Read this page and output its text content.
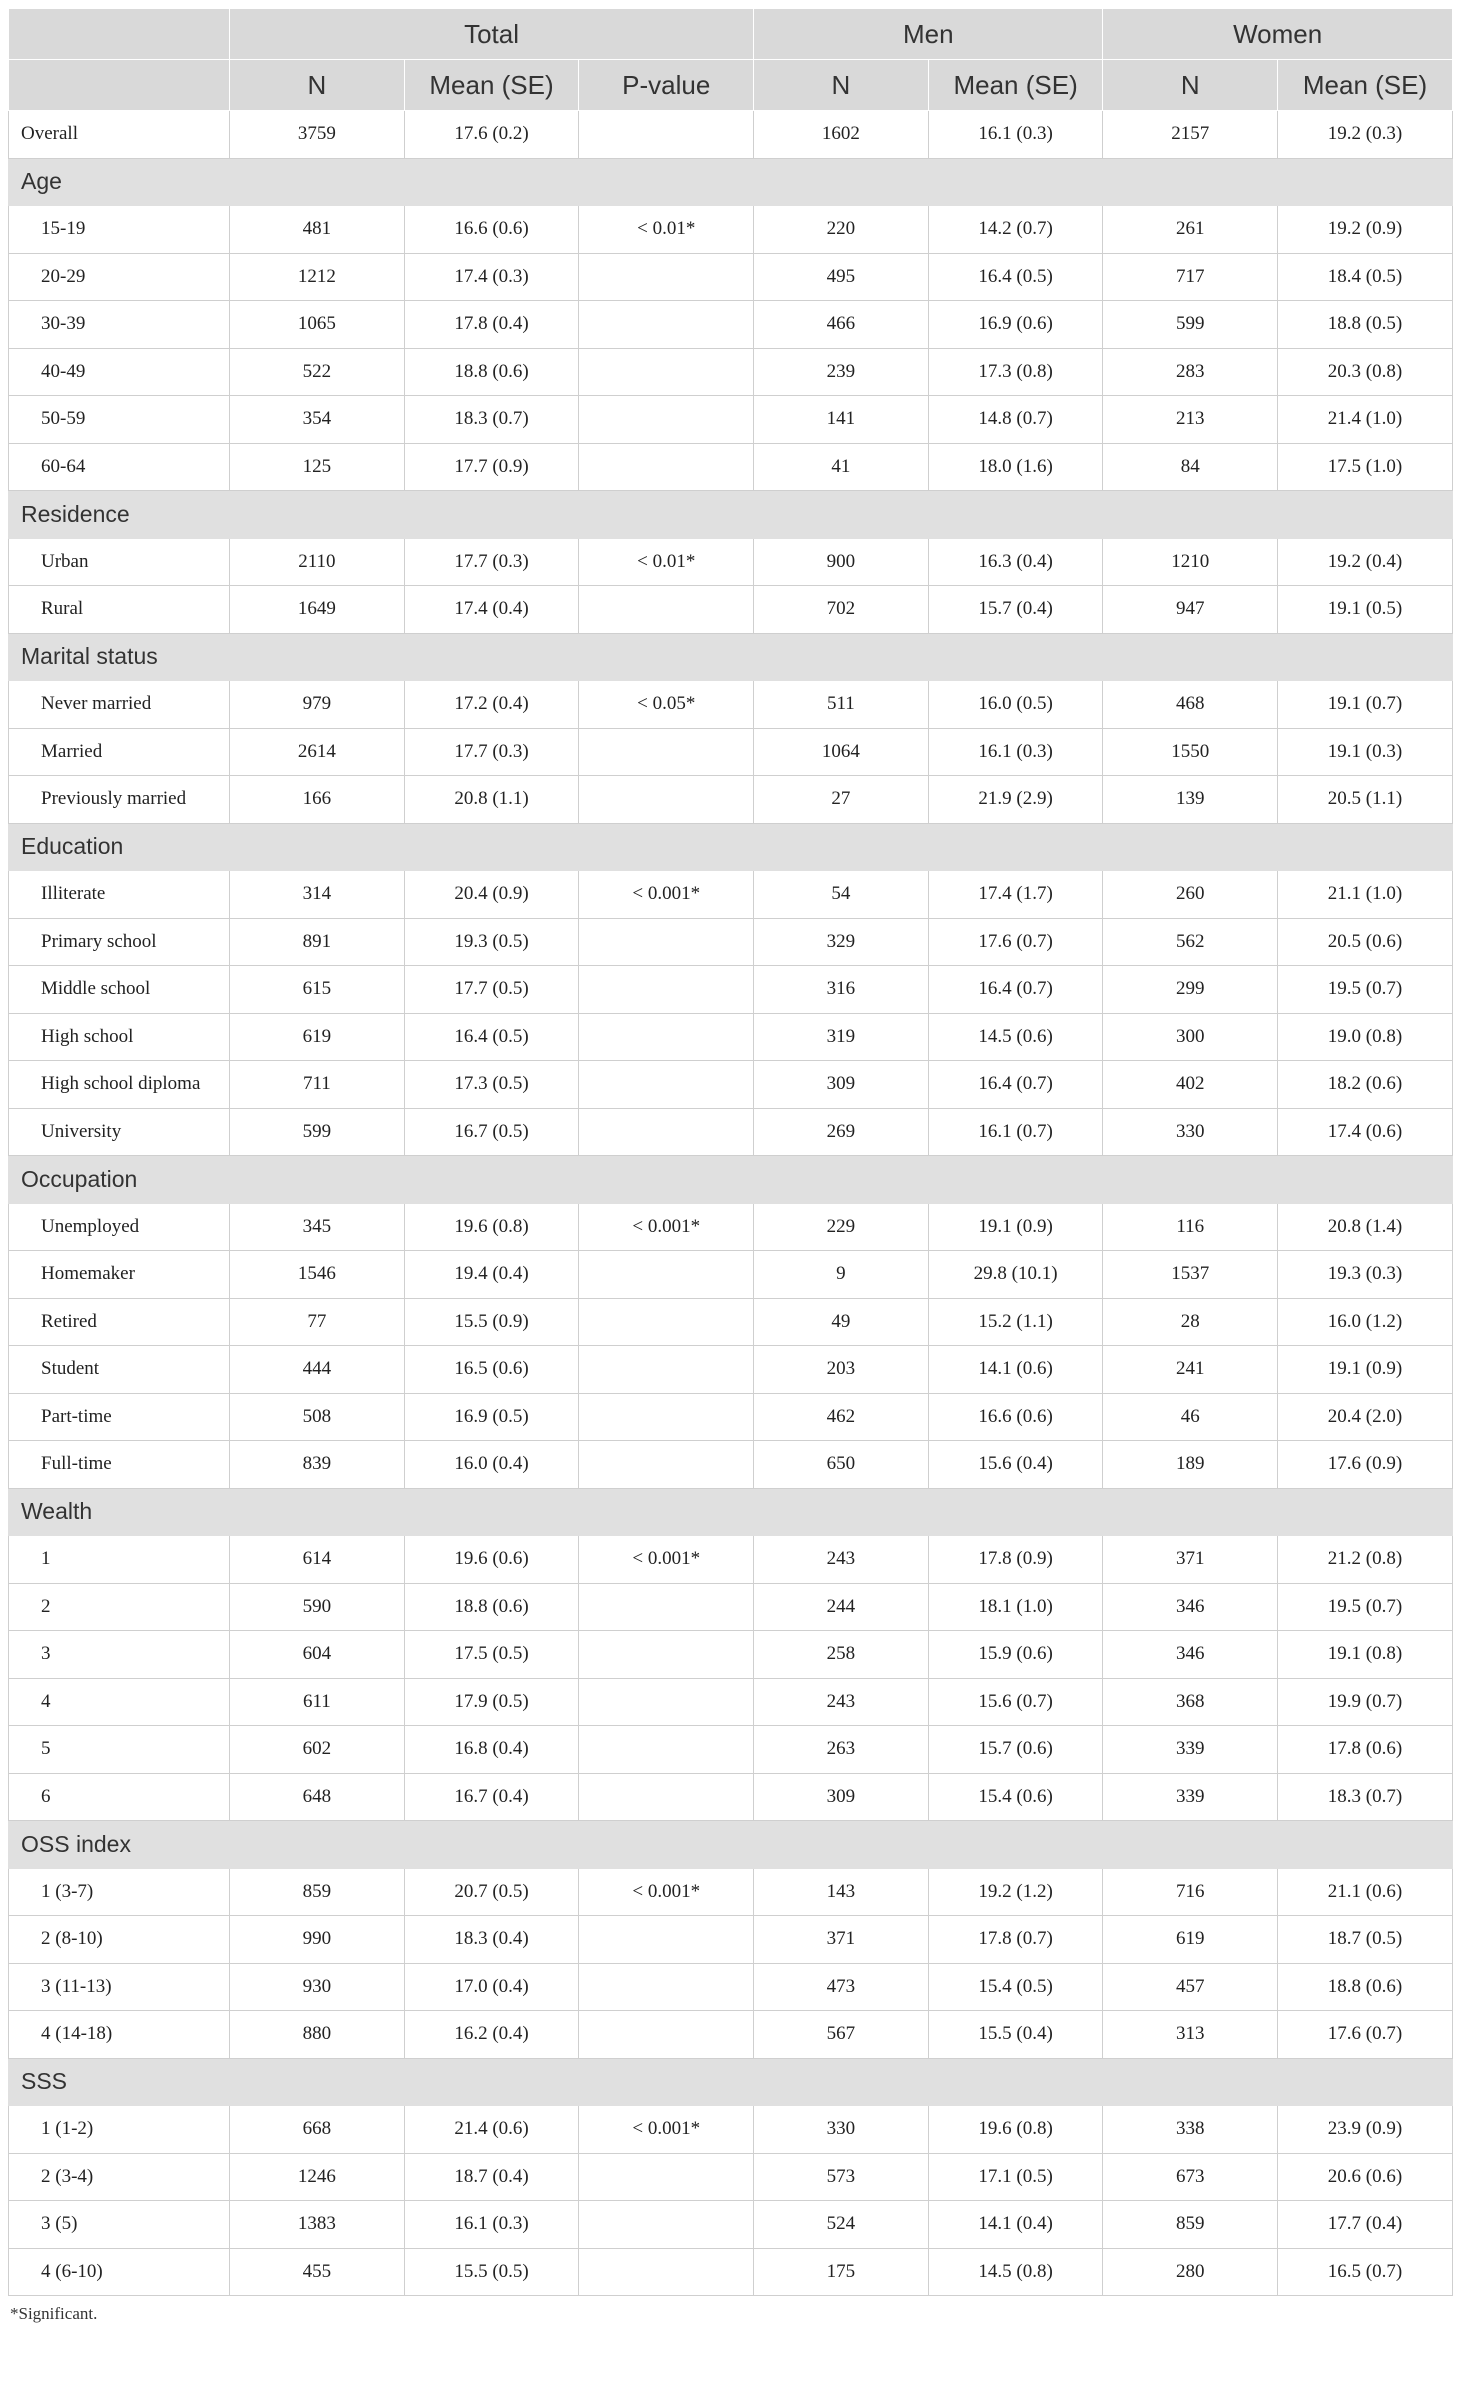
	Total			Men		Women	
	N	Mean (SE)	P-value	N	Mean (SE)	N	Mean (SE)
Overall	3759	17.6 (0.2)		1602	16.1 (0.3)	2157	19.2 (0.3)
Age							
15-19	481	16.6 (0.6)	< 0.01*	220	14.2 (0.7)	261	19.2 (0.9)
20-29	1212	17.4 (0.3)		495	16.4 (0.5)	717	18.4 (0.5)
30-39	1065	17.8 (0.4)		466	16.9 (0.6)	599	18.8 (0.5)
40-49	522	18.8 (0.6)		239	17.3 (0.8)	283	20.3 (0.8)
50-59	354	18.3 (0.7)		141	14.8 (0.7)	213	21.4 (1.0)
60-64	125	17.7 (0.9)		41	18.0 (1.6)	84	17.5 (1.0)
Residence							
Urban	2110	17.7 (0.3)	< 0.01*	900	16.3 (0.4)	1210	19.2 (0.4)
Rural	1649	17.4 (0.4)		702	15.7 (0.4)	947	19.1 (0.5)
Marital status							
Never married	979	17.2 (0.4)	< 0.05*	511	16.0 (0.5)	468	19.1 (0.7)
Married	2614	17.7 (0.3)		1064	16.1 (0.3)	1550	19.1 (0.3)
Previously married	166	20.8 (1.1)		27	21.9 (2.9)	139	20.5 (1.1)
Education							
Illiterate	314	20.4 (0.9)	< 0.001*	54	17.4 (1.7)	260	21.1 (1.0)
Primary school	891	19.3 (0.5)		329	17.6 (0.7)	562	20.5 (0.6)
Middle school	615	17.7 (0.5)		316	16.4 (0.7)	299	19.5 (0.7)
High school	619	16.4 (0.5)		319	14.5 (0.6)	300	19.0 (0.8)
High school diploma	711	17.3 (0.5)		309	16.4 (0.7)	402	18.2 (0.6)
University	599	16.7 (0.5)		269	16.1 (0.7)	330	17.4 (0.6)
Occupation							
Unemployed	345	19.6 (0.8)	< 0.001*	229	19.1 (0.9)	116	20.8 (1.4)
Homemaker	1546	19.4 (0.4)		9	29.8 (10.1)	1537	19.3 (0.3)
Retired	77	15.5 (0.9)		49	15.2 (1.1)	28	16.0 (1.2)
Student	444	16.5 (0.6)		203	14.1 (0.6)	241	19.1 (0.9)
Part-time	508	16.9 (0.5)		462	16.6 (0.6)	46	20.4 (2.0)
Full-time	839	16.0 (0.4)		650	15.6 (0.4)	189	17.6 (0.9)
Wealth							
1	614	19.6 (0.6)	< 0.001*	243	17.8 (0.9)	371	21.2 (0.8)
2	590	18.8 (0.6)		244	18.1 (1.0)	346	19.5 (0.7)
3	604	17.5 (0.5)		258	15.9 (0.6)	346	19.1 (0.8)
4	611	17.9 (0.5)		243	15.6 (0.7)	368	19.9 (0.7)
5	602	16.8 (0.4)		263	15.7 (0.6)	339	17.8 (0.6)
6	648	16.7 (0.4)		309	15.4 (0.6)	339	18.3 (0.7)
OSS index							
1 (3-7)	859	20.7 (0.5)	< 0.001*	143	19.2 (1.2)	716	21.1 (0.6)
2 (8-10)	990	18.3 (0.4)		371	17.8 (0.7)	619	18.7 (0.5)
3 (11-13)	930	17.0 (0.4)		473	15.4 (0.5)	457	18.8 (0.6)
4 (14-18)	880	16.2 (0.4)		567	15.5 (0.4)	313	17.6 (0.7)
SSS							
1 (1-2)	668	21.4 (0.6)	< 0.001*	330	19.6 (0.8)	338	23.9 (0.9)
2 (3-4)	1246	18.7 (0.4)		573	17.1 (0.5)	673	20.6 (0.6)
3 (5)	1383	16.1 (0.3)		524	14.1 (0.4)	859	17.7 (0.4)
4 (6-10)	455	15.5 (0.5)		175	14.5 (0.8)	280	16.5 (0.7)
*Significant.
